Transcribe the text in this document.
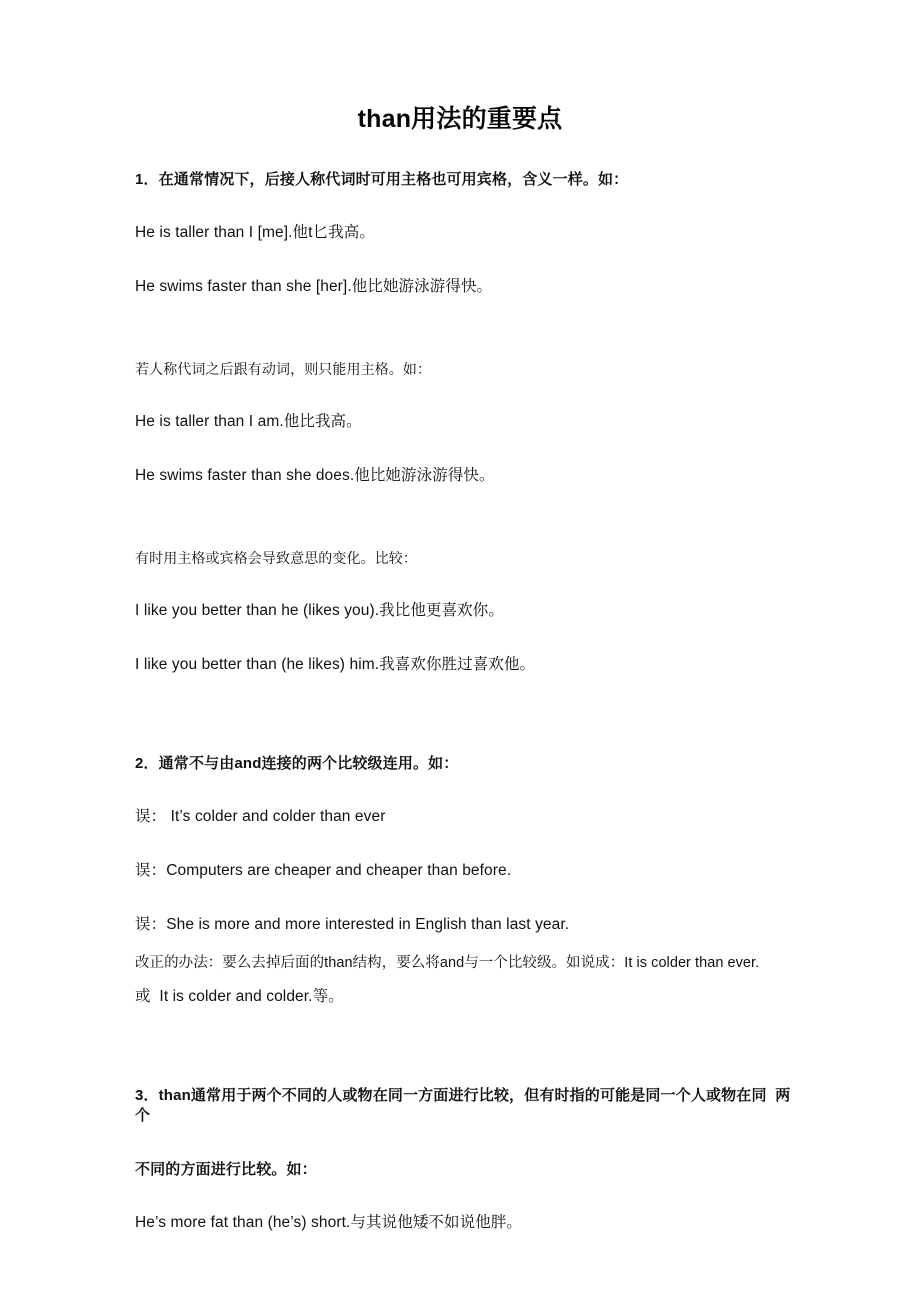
than用法的重要点
1．在通常情况下，后接人称代词时可用主格也可用宾格，含义一样。如：
He is taller than I [me].他t匕我高。
He swims faster than she [her].他比她游泳游得快。
若人称代词之后跟有动词，则只能用主格。如：
He is taller than I am.他比我高。
He swims faster than she does.他比她游泳游得快。
有时用主格或宾格会导致意思的变化。比较：
I like you better than he (likes you).我比他更喜欢你。
I like you better than (he likes) him.我喜欢你胜过喜欢他。
2．通常不与由and连接的两个比较级连用。如：
误： It’s colder and colder than ever
误：Computers are cheaper and cheaper than before.
误：She is more and more interested in English than last year.
改正的办法：要么去掉后面的than结构，要么将and与一个比较级。如说成：It is colder than ever.
或  It is colder and colder.等。
3．than通常用于两个不同的人或物在同一方面进行比较，但有时指的可能是同一个人或物在同  两个
不同的方面进行比较。如：
He’s more fat than (he’s) short.与其说他矮不如说他胖。
